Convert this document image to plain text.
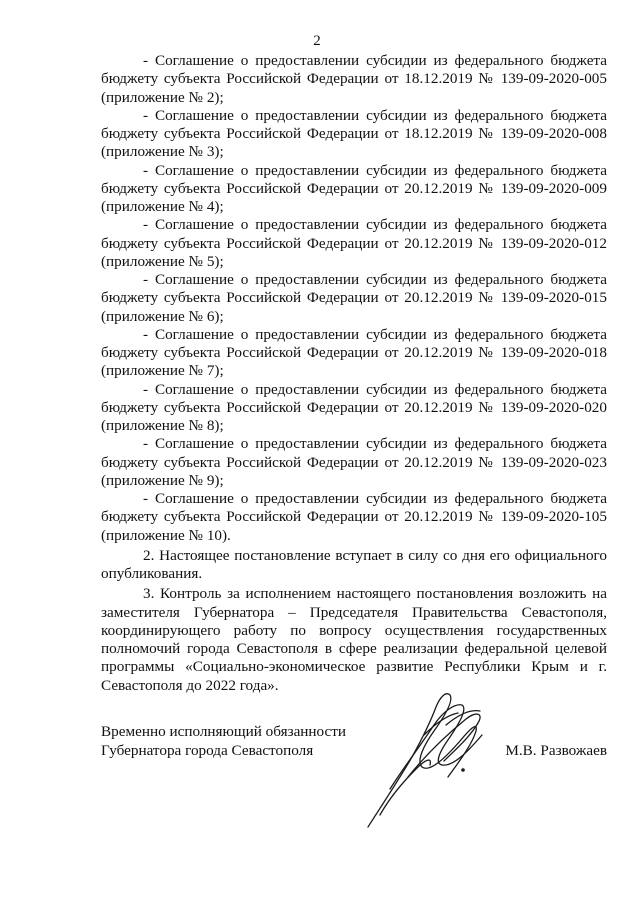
2

- Соглашение о предоставлении субсидии из федерального бюджета бюджету субъекта Российской Федерации от 18.12.2019 № 139-09-2020-005 (приложение № 2);

- Соглашение о предоставлении субсидии из федерального бюджета бюджету субъекта Российской Федерации от 18.12.2019 № 139-09-2020-008 (приложение № 3);

- Соглашение о предоставлении субсидии из федерального бюджета бюджету субъекта Российской Федерации от 20.12.2019 № 139-09-2020-009 (приложение № 4);

- Соглашение о предоставлении субсидии из федерального бюджета бюджету субъекта Российской Федерации от 20.12.2019 № 139-09-2020-012 (приложение № 5);

- Соглашение о предоставлении субсидии из федерального бюджета бюджету субъекта Российской Федерации от 20.12.2019 № 139-09-2020-015 (приложение № 6);

- Соглашение о предоставлении субсидии из федерального бюджета бюджету субъекта Российской Федерации от 20.12.2019 № 139-09-2020-018 (приложение № 7);

- Соглашение о предоставлении субсидии из федерального бюджета бюджету субъекта Российской Федерации от 20.12.2019 № 139-09-2020-020 (приложение № 8);

- Соглашение о предоставлении субсидии из федерального бюджета бюджету субъекта Российской Федерации от 20.12.2019 № 139-09-2020-023 (приложение № 9);

- Соглашение о предоставлении субсидии из федерального бюджета бюджету субъекта Российской Федерации от 20.12.2019 № 139-09-2020-105 (приложение № 10).

2. Настоящее постановление вступает в силу со дня его официального опубликования.

3. Контроль за исполнением настоящего постановления возложить на заместителя Губернатора – Председателя Правительства Севастополя, координирующего работу по вопросу осуществления государственных полномочий города Севастополя в сфере реализации федеральной целевой программы «Социально-экономическое развитие Республики Крым и г. Севастополя до 2022 года».

Временно исполняющий обязанности
Губернатора города Севастополя	М.В. Развожаев
